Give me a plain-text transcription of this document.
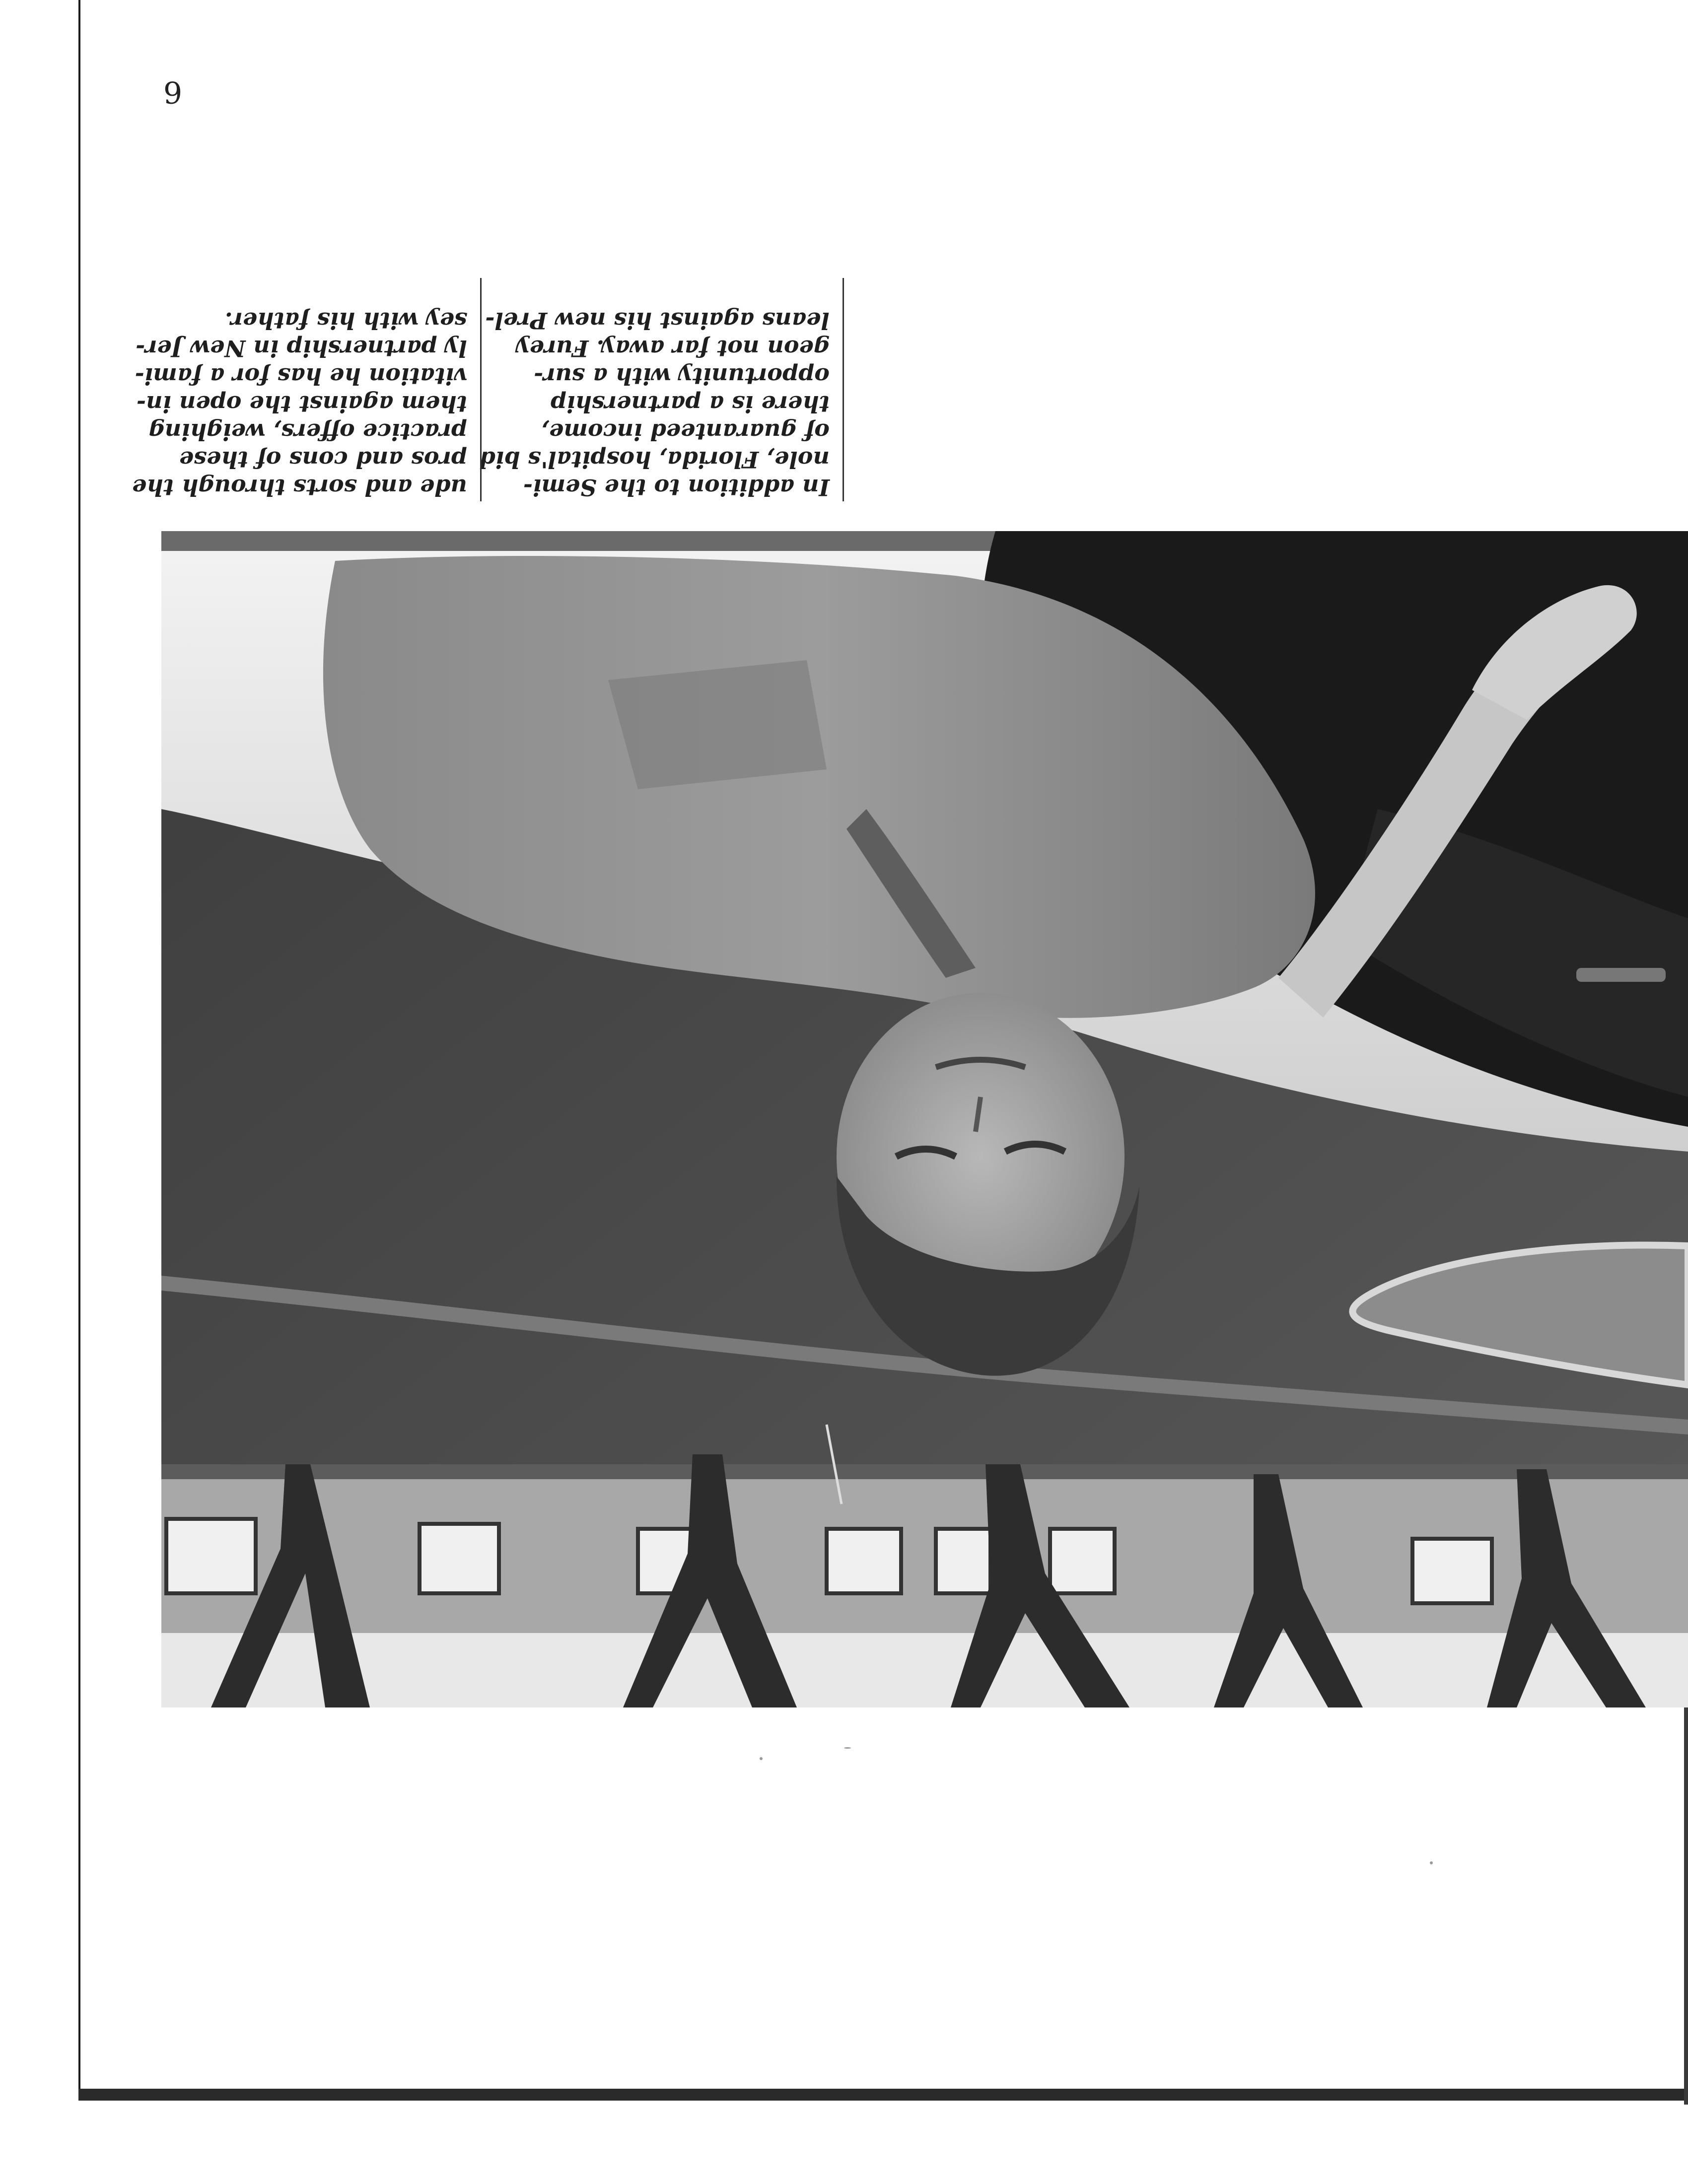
6
In addition to the Semi-
nole, Florida, hospital's bid
of guaranteed income,
there is a partnership
opportunity with a sur-
geon not far away. Furey
leans against his new Prel-
ude and sorts through the
pros and cons of these
practice offers, weighing
them against the open in-
vitation he has for a fami-
ly partnership in New Jer-
sey with his father.
